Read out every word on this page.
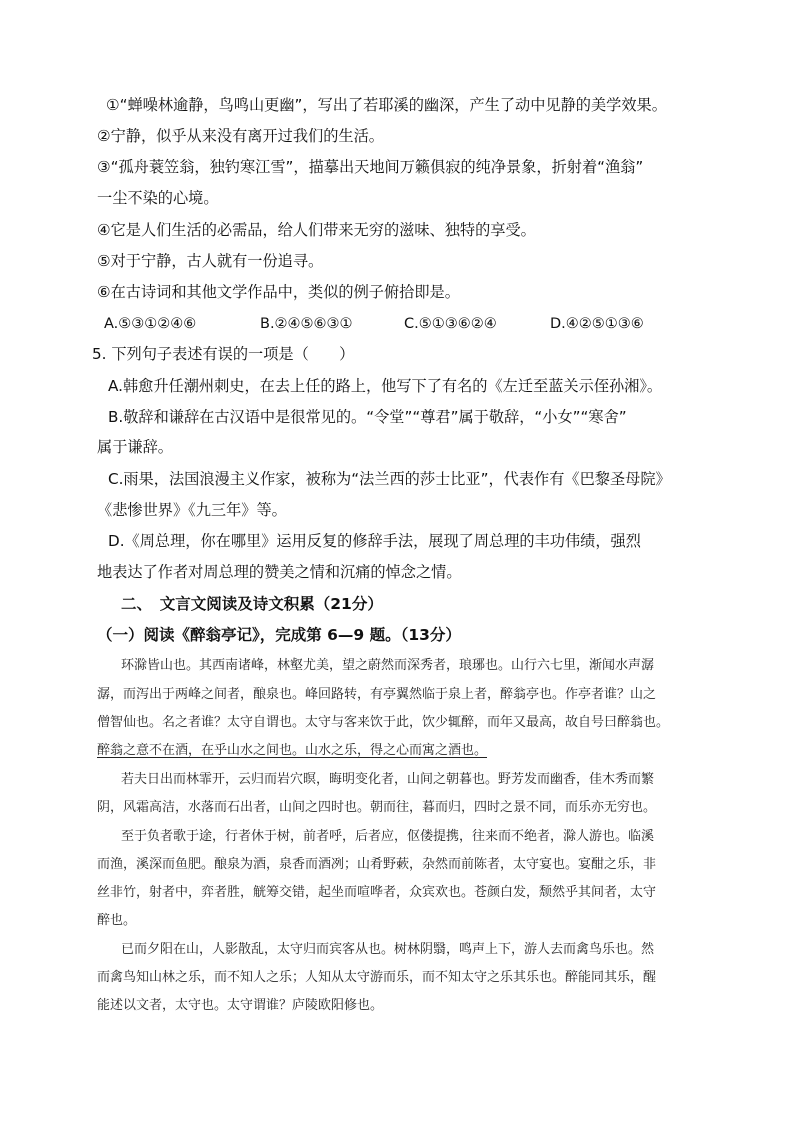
①“蝉噪林逾静，鸟鸣山更幽”，写出了若耶溪的幽深，产生了动中见静的美学效果。
②宁静，似乎从来没有离开过我们的生活。
③“孤舟蓑笠翁，独钓寒江雪”，描摹出天地间万籁俱寂的纯净景象，折射着“渔翁”
一尘不染的心境。
④它是人们生活的必需品，给人们带来无穷的滋味、独特的享受。
⑤对于宁静，古人就有一份追寻。
⑥在古诗词和其他文学作品中，类似的例子俯拾即是。
A.⑤③①②④⑥	B.②④⑤⑥③①	C.⑤①③⑥②④	D.④②⑤①③⑥
5. 下列句子表述有误的一项是（　　）
A.韩愈升任潮州刺史，在去上任的路上，他写下了有名的《左迁至蓝关示侄孙湘》。
B.敬辞和谦辞在古汉语中是很常见的。“令堂”“尊君”属于敬辞，“小女”“寒舍”
属于谦辞。
C.雨果，法国浪漫主义作家，被称为“法兰西的莎士比亚”，代表作有《巴黎圣母院》
《悲惨世界》《九三年》等。
D.《周总理，你在哪里》运用反复的修辞手法，展现了周总理的丰功伟绩，强烈
地表达了作者对周总理的赞美之情和沉痛的悼念之情。
二、　文言文阅读及诗文积累（21分）
（一）阅读《醉翁亭记》，完成第 6—9 题。（13分）
环滁皆山也。其西南诸峰，林壑尤美，望之蔚然而深秀者，琅琊也。山行六七里，渐闻水声潺
潺，而泻出于两峰之间者，酿泉也。峰回路转，有亭翼然临于泉上者，醉翁亭也。作亭者谁？山之
僧智仙也。名之者谁？太守自谓也。太守与客来饮于此，饮少辄醉，而年又最高，故自号曰醉翁也。
醉翁之意不在酒，在乎山水之间也。山水之乐，得之心而寓之酒也。
若夫日出而林霏开，云归而岩穴暝，晦明变化者，山间之朝暮也。野芳发而幽香，佳木秀而繁
阴，风霜高洁，水落而石出者，山间之四时也。朝而往，暮而归，四时之景不同，而乐亦无穷也。
至于负者歌于途，行者休于树，前者呼，后者应，伛偻提携，往来而不绝者，滁人游也。临溪
而渔，溪深而鱼肥。酿泉为酒，泉香而酒冽；山肴野蔌，杂然而前陈者，太守宴也。宴酣之乐，非
丝非竹，射者中，弈者胜，觥筹交错，起坐而喧哗者，众宾欢也。苍颜白发，颓然乎其间者，太守
醉也。
已而夕阳在山，人影散乱，太守归而宾客从也。树林阴翳，鸣声上下，游人去而禽鸟乐也。然
而禽鸟知山林之乐，而不知人之乐；人知从太守游而乐，而不知太守之乐其乐也。醉能同其乐，醒
能述以文者，太守也。太守谓谁？庐陵欧阳修也。
